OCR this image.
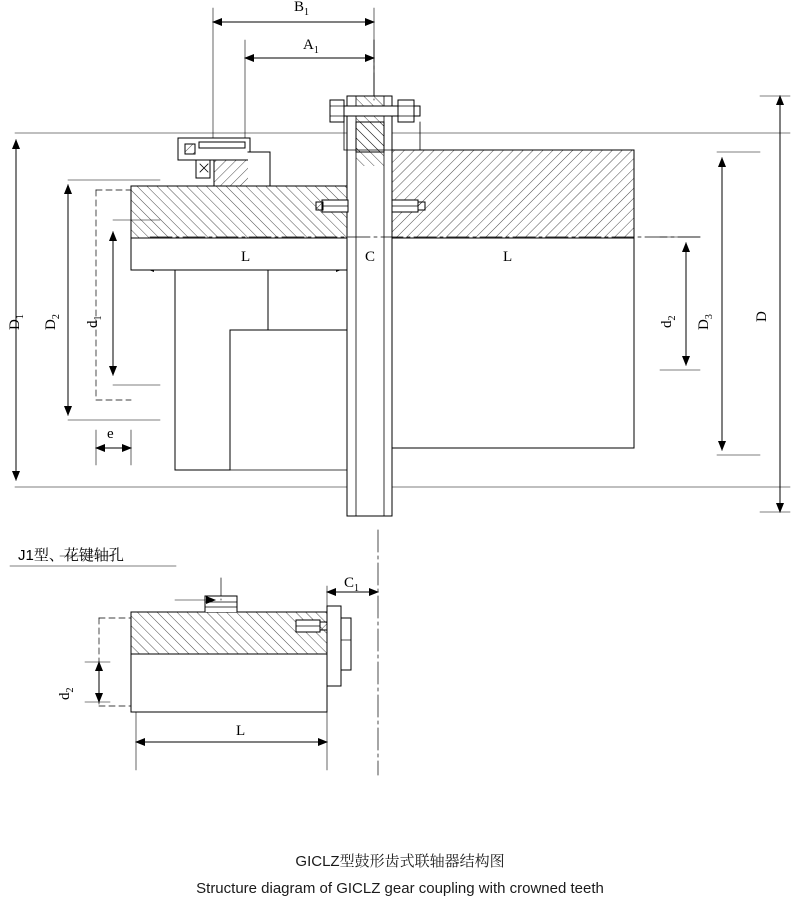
$B_1$
$A_1$
$D_1$
$D_2$
$d_1$
e
L	C	L
$d_2$
$D_3$	D
J1型、花键轴孔
$C_1$
$d_2$
L
GICLZ型鼓形齿式联轴器结构图
Structure diagram of GICLZ gear coupling with crowned teeth
